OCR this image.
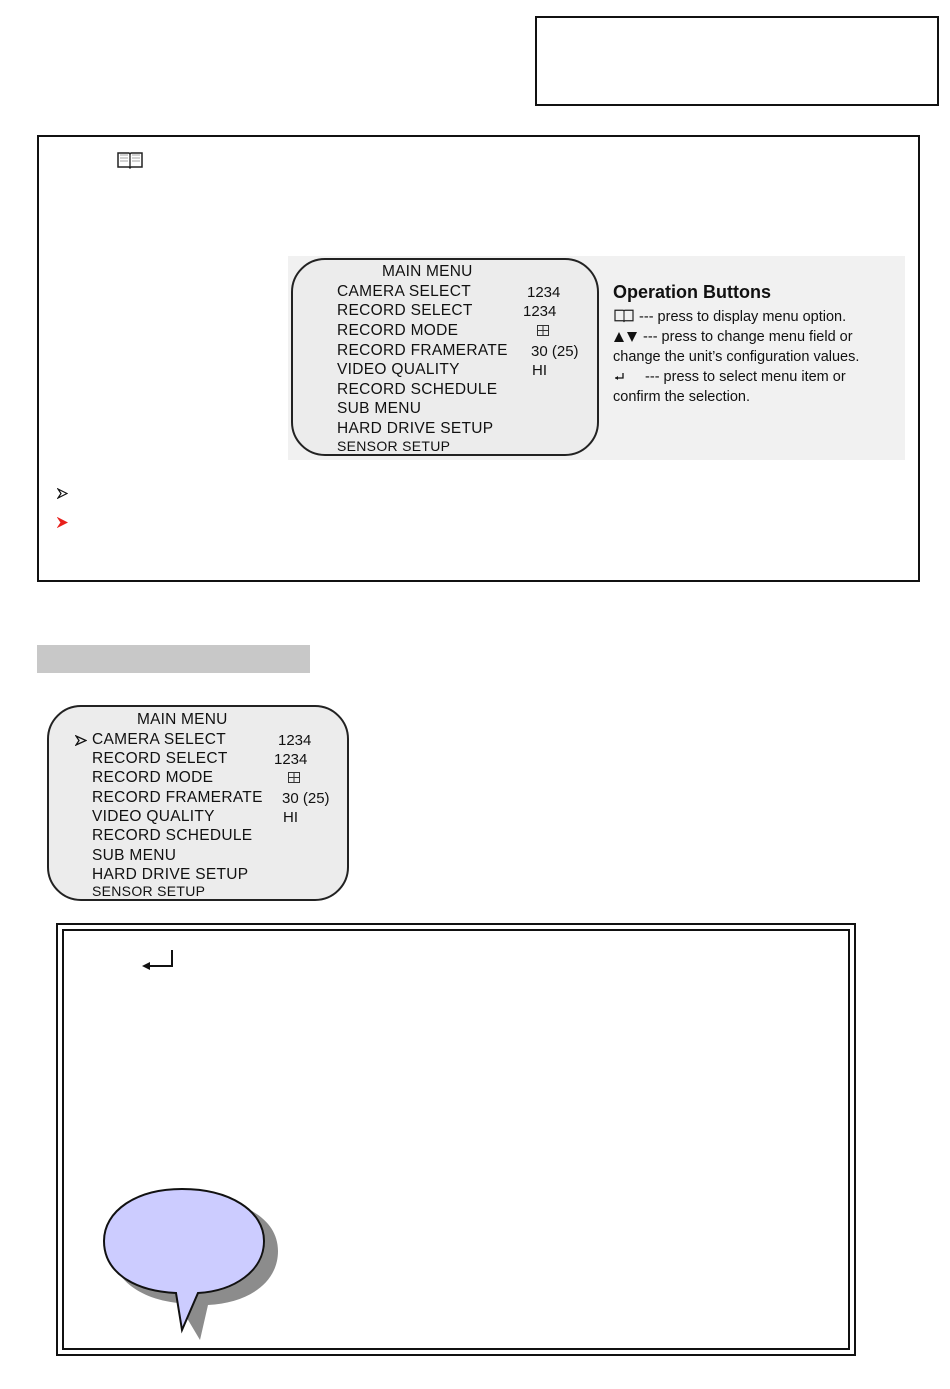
MAIN MENU
CAMERA SELECT	1234
RECORD SELECT	1234
RECORD MODE
RECORD FRAMERATE 30 (25)
VIDEO QUALITY	HI
RECORD SCHEDULE
SUB MENU
HARD DRIVE SETUP
SENSOR SETUP
Operation Buttons
--- press to display menu option.
--- press to change menu field or
change the unit’s configuration values.
--- press to select menu item or
confirm the selection.
MAIN MENU
CAMERA SELECT	1234
RECORD SELECT	1234
RECORD MODE
RECORD FRAMERATE 30 (25)
VIDEO QUALITY	HI
RECORD SCHEDULE
SUB MENU
HARD DRIVE SETUP
SENSOR SETUP
